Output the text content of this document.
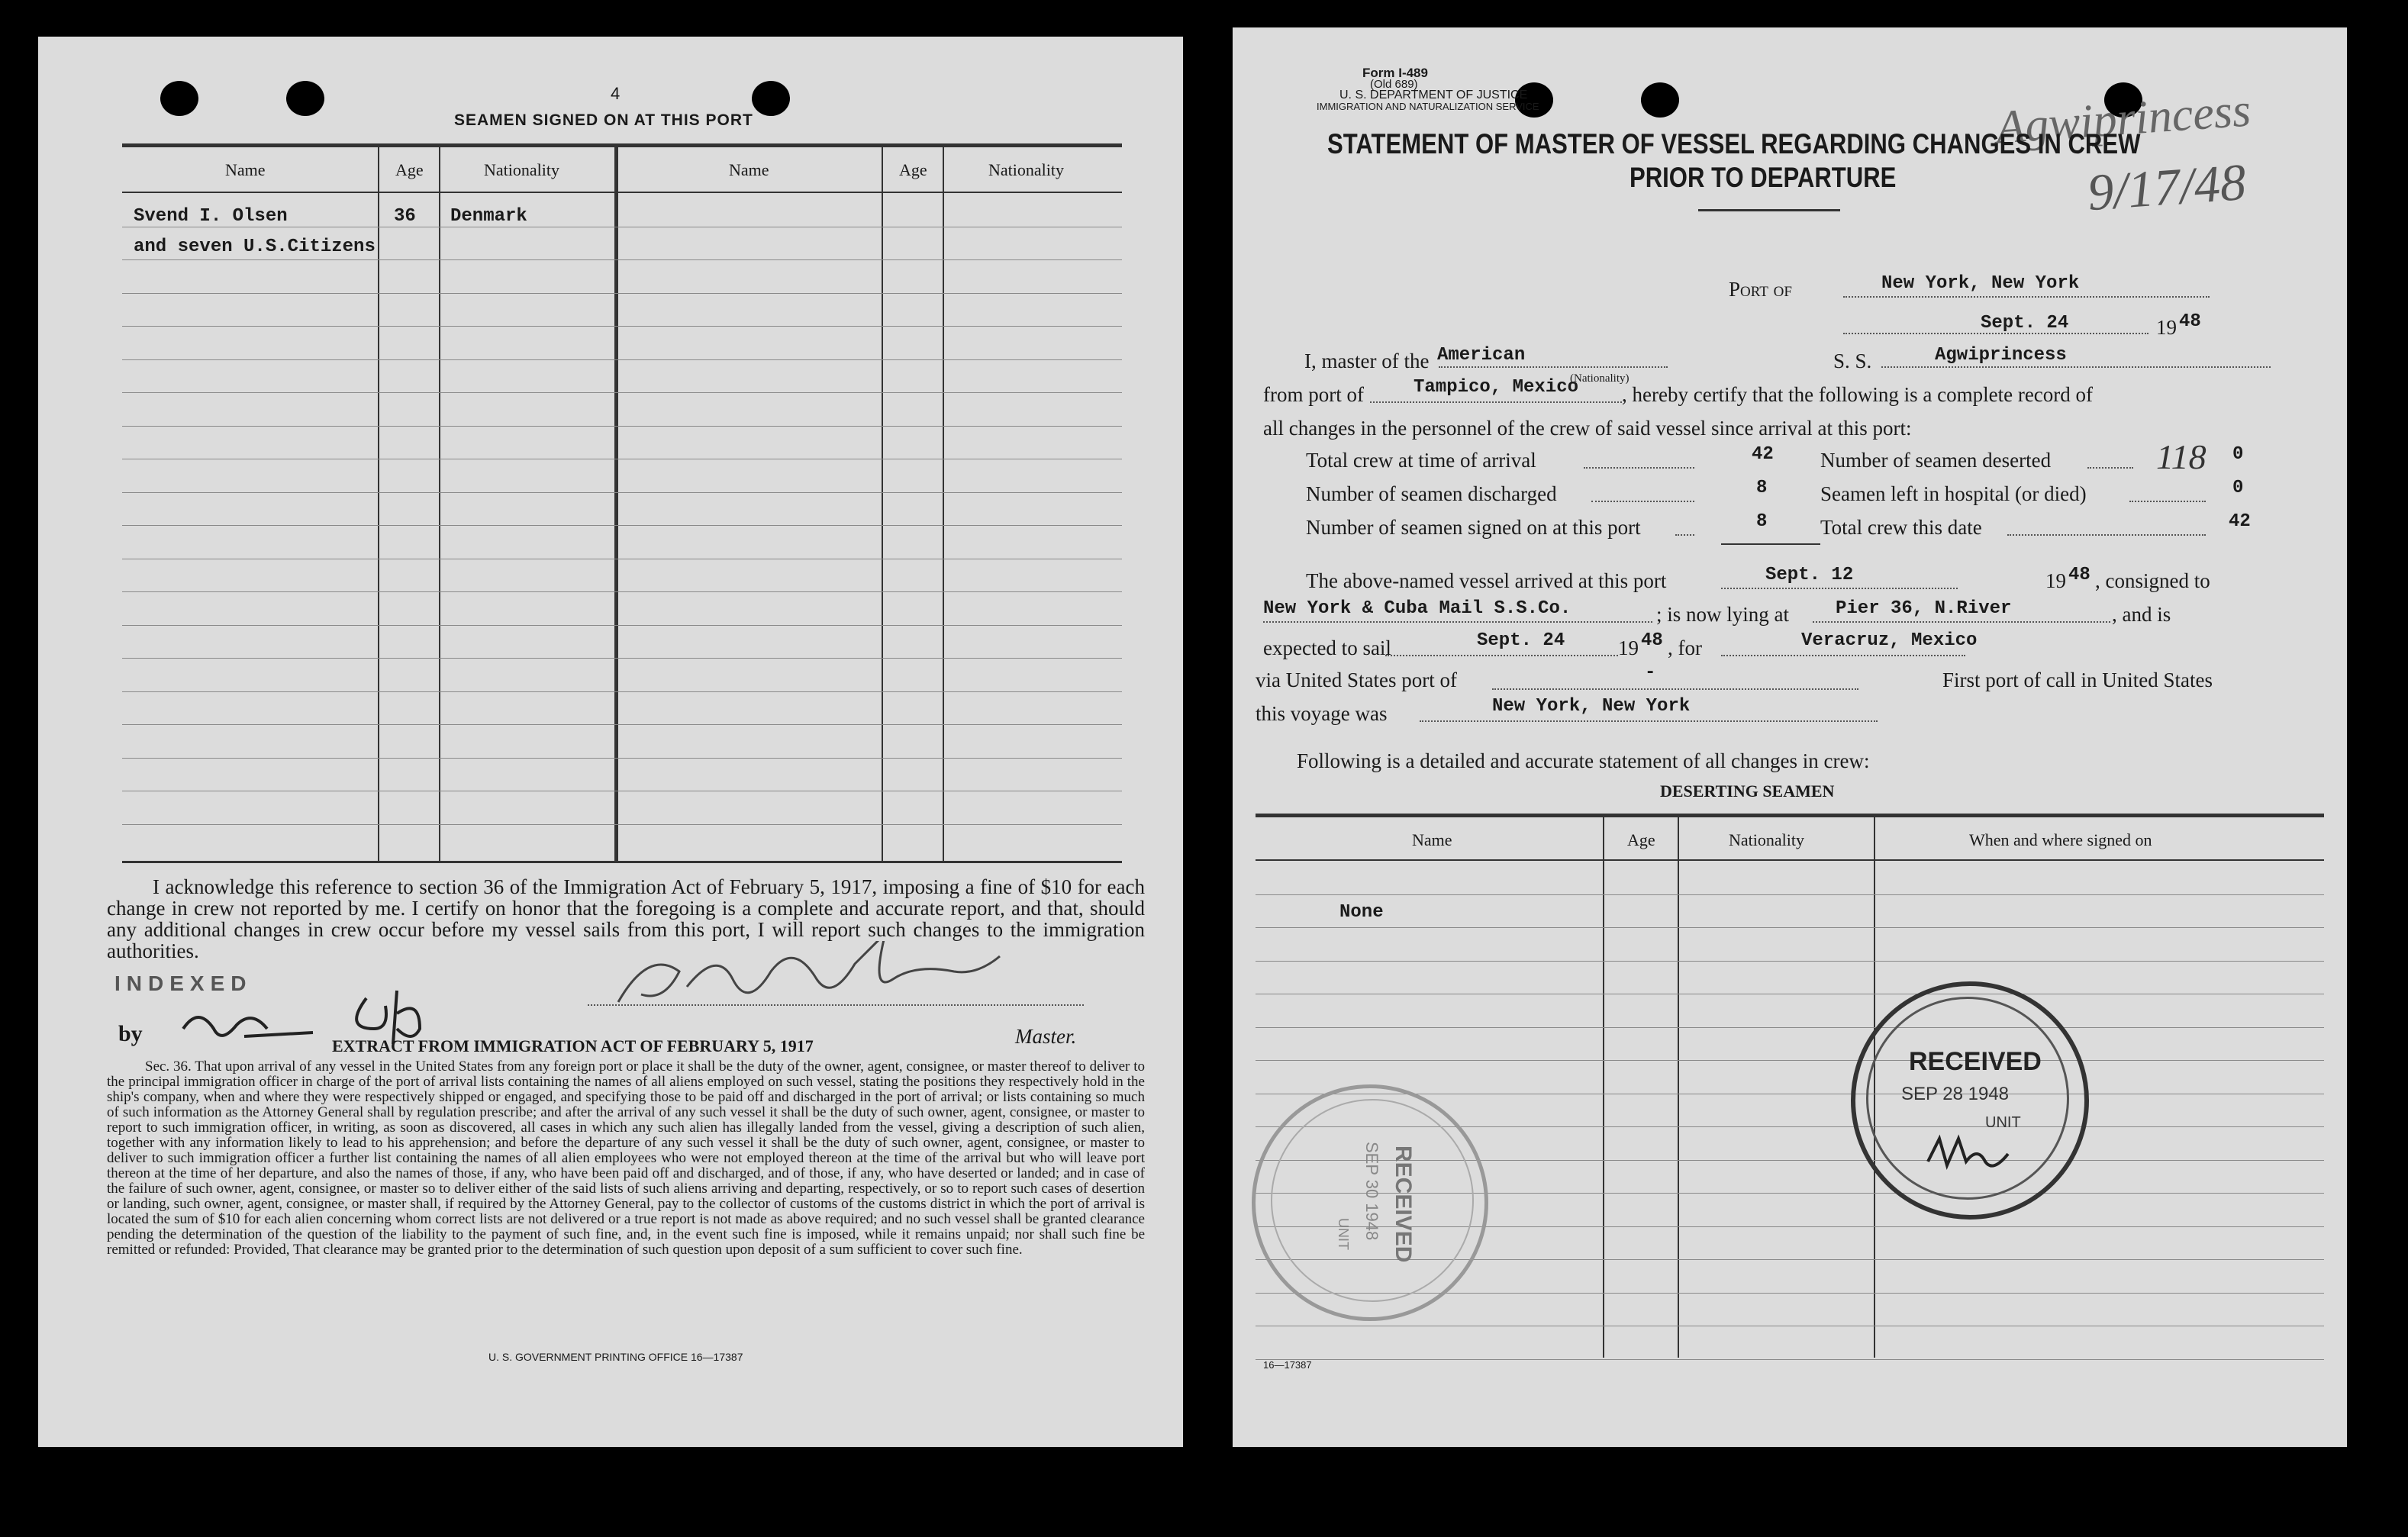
4
SEAMEN SIGNED ON AT THIS PORT
Name	Age	Nationality	Name	Age	Nationality
Svend I. Olsen	36 Denmark
and seven U.S.Citizens
I acknowledge this reference to section 36 of the Immigration Act of February 5, 1917, imposing a fine of $10 for each change in crew not reported by me. I certify on honor that the foregoing is a complete and accurate report, and that, should any additional changes in crew occur before my vessel sails from this port, I will report such changes to the immigration authorities.
INDEXED
by	Master.
EXTRACT FROM IMMIGRATION ACT OF FEBRUARY 5, 1917
Sec. 36. That upon arrival of any vessel in the United States from any foreign port or place it shall be the duty of the owner, agent, consignee, or master thereof to deliver to the principal immigration officer in charge of the port of arrival lists containing the names of all aliens employed on such vessel, stating the positions they respectively hold in the ship's company, when and where they were respectively shipped or engaged, and specifying those to be paid off and discharged in the port of arrival; or lists containing so much of such information as the Attorney General shall by regulation prescribe; and after the arrival of any such vessel it shall be the duty of such owner, agent, consignee, or master to report to such immigration officer, in writing, as soon as discovered, all cases in which any such alien has illegally landed from the vessel, giving a description of such alien, together with any information likely to lead to his apprehension; and before the departure of any such vessel it shall be the duty of such owner, agent, consignee, or master to deliver to such immigration officer a further list containing the names of all alien employees who were not employed thereon at the time of the arrival but who will leave port thereon at the time of her departure, and also the names of those, if any, who have been paid off and discharged, and of those, if any, who have deserted or landed; and in case of the failure of such owner, agent, consignee, or master so to deliver either of the said lists of such aliens arriving and departing, respectively, or so to report such cases of desertion or landing, such owner, agent, consignee, or master shall, if required by the Attorney General, pay to the collector of customs of the customs district in which the port of arrival is located the sum of $10 for each alien concerning whom correct lists are not delivered or a true report is not made as above required; and no such vessel shall be granted clearance pending the determination of the question of the liability to the payment of such fine, and, in the event such fine is imposed, while it remains unpaid; nor shall such fine be remitted or refunded: Provided, That clearance may be granted prior to the determination of such question upon deposit of a sum sufficient to cover such fine.
U. S. GOVERNMENT PRINTING OFFICE 16—17387
Form I-489
(Old 689)
U. S. DEPARTMENT OF JUSTICE
IMMIGRATION AND NATURALIZATION SERVICE	Agwiprincess
9/17/48
STATEMENT OF MASTER OF VESSEL REGARDING CHANGES IN CREW
PRIOR TO DEPARTURE
Port of	New York, New York
Sept. 24	19 48
I, master of the American	S. S.	Agwiprincess
from port of	Tampico, Mexico
(Nationality)
, hereby certify that the following is a complete record of
all changes in the personnel of the crew of said vessel since arrival at this port:
Total crew at time of arrival	42
Number of seamen discharged	8
Number of seamen signed on at this port	8
Number of seamen deserted	118 0
Seamen left in hospital (or died)	0
Total crew this date	42
The above-named vessel arrived at this port	Sept. 12	19 48 , consigned to
New York & Cuba Mail S.S.Co.	; is now lying at	Pier 36, N.River	, and is
expected to sail	Sept. 24	19 48 , for	Veracruz, Mexico
via United States port of	-	First port of call in United States
this voyage was	New York, New York
Following is a detailed and accurate statement of all changes in crew:
DESERTING SEAMEN
Name	Age	Nationality	When and where signed on
None
RECEIVED
SEP 28 1948
UNIT
RECEIVED
SEP 30 1948
UNIT
16—17387
